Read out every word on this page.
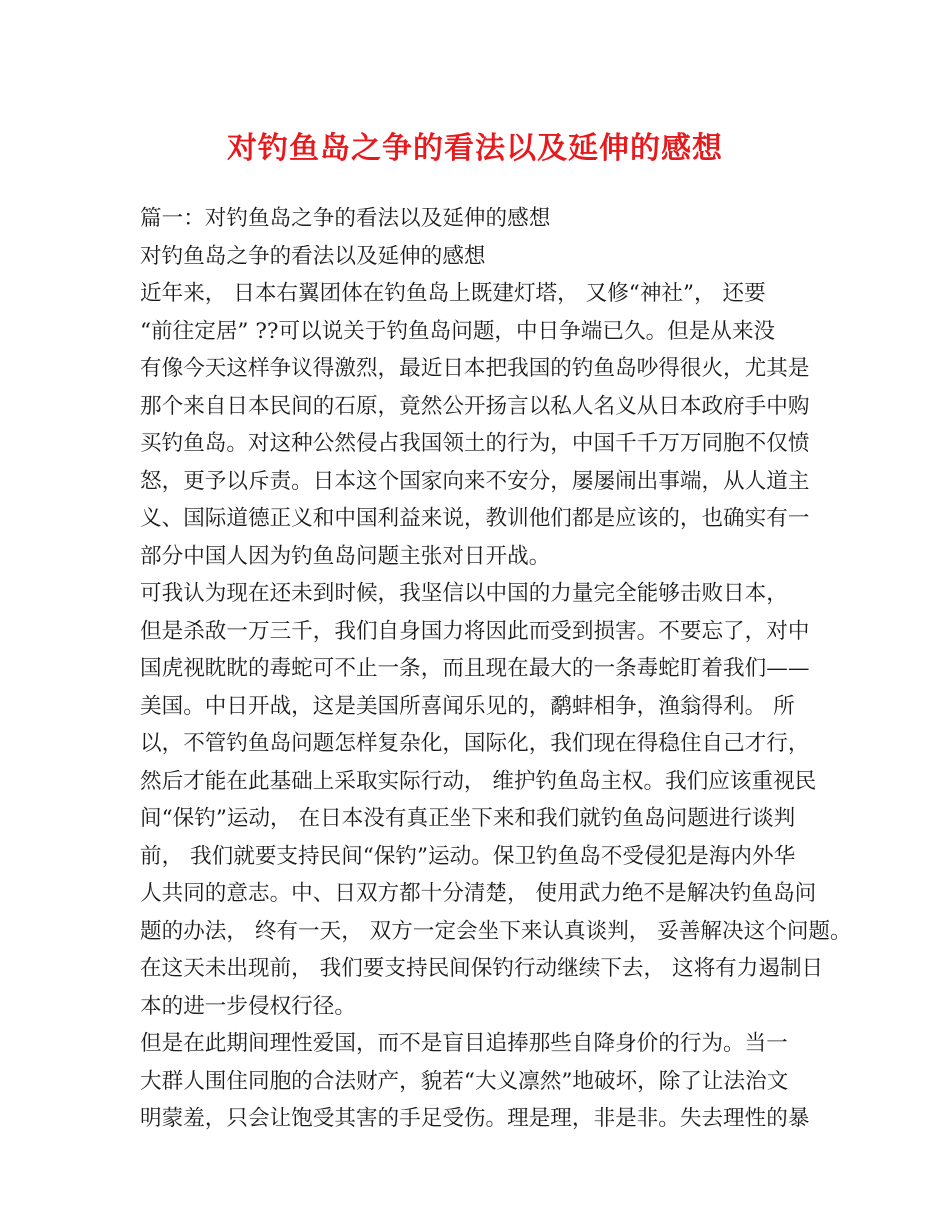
对钓鱼岛之争的看法以及延伸的感想
篇一：对钓鱼岛之争的看法以及延伸的感想
对钓鱼岛之争的看法以及延伸的感想
近年来， 日本右翼团体在钓鱼岛上既建灯塔， 又修“神社”， 还要
“前往定居” ??可以说关于钓鱼岛问题，中日争端已久。但是从来没
有像今天这样争议得激烈，最近日本把我国的钓鱼岛吵得很火，尤其是
那个来自日本民间的石原，竟然公开扬言以私人名义从日本政府手中购
买钓鱼岛。对这种公然侵占我国领土的行为，中国千千万万同胞不仅愤
怒，更予以斥责。日本这个国家向来不安分，屡屡闹出事端，从人道主
义、国际道德正义和中国利益来说，教训他们都是应该的，也确实有一
部分中国人因为钓鱼岛问题主张对日开战。
可我认为现在还未到时候，我坚信以中国的力量完全能够击败日本，
但是杀敌一万三千，我们自身国力将因此而受到损害。不要忘了，对中
国虎视眈眈的毒蛇可不止一条，而且现在最大的一条毒蛇盯着我们——
美国。中日开战，这是美国所喜闻乐见的，鹬蚌相争，渔翁得利。 所
以，不管钓鱼岛问题怎样复杂化，国际化，我们现在得稳住自己才行，
然后才能在此基础上采取实际行动， 维护钓鱼岛主权。我们应该重视民
间“保钓”运动， 在日本没有真正坐下来和我们就钓鱼岛问题进行谈判
前， 我们就要支持民间“保钓”运动。保卫钓鱼岛不受侵犯是海内外华
人共同的意志。中、日双方都十分清楚， 使用武力绝不是解决钓鱼岛问
题的办法， 终有一天， 双方一定会坐下来认真谈判， 妥善解决这个问题。
在这天未出现前， 我们要支持民间保钓行动继续下去， 这将有力遏制日
本的进一步侵权行径。
但是在此期间理性爱国，而不是盲目追捧那些自降身价的行为。当一
大群人围住同胞的合法财产，貌若“大义凛然”地破坏，除了让法治文
明蒙羞，只会让饱受其害的手足受伤。理是理，非是非。失去理性的暴
